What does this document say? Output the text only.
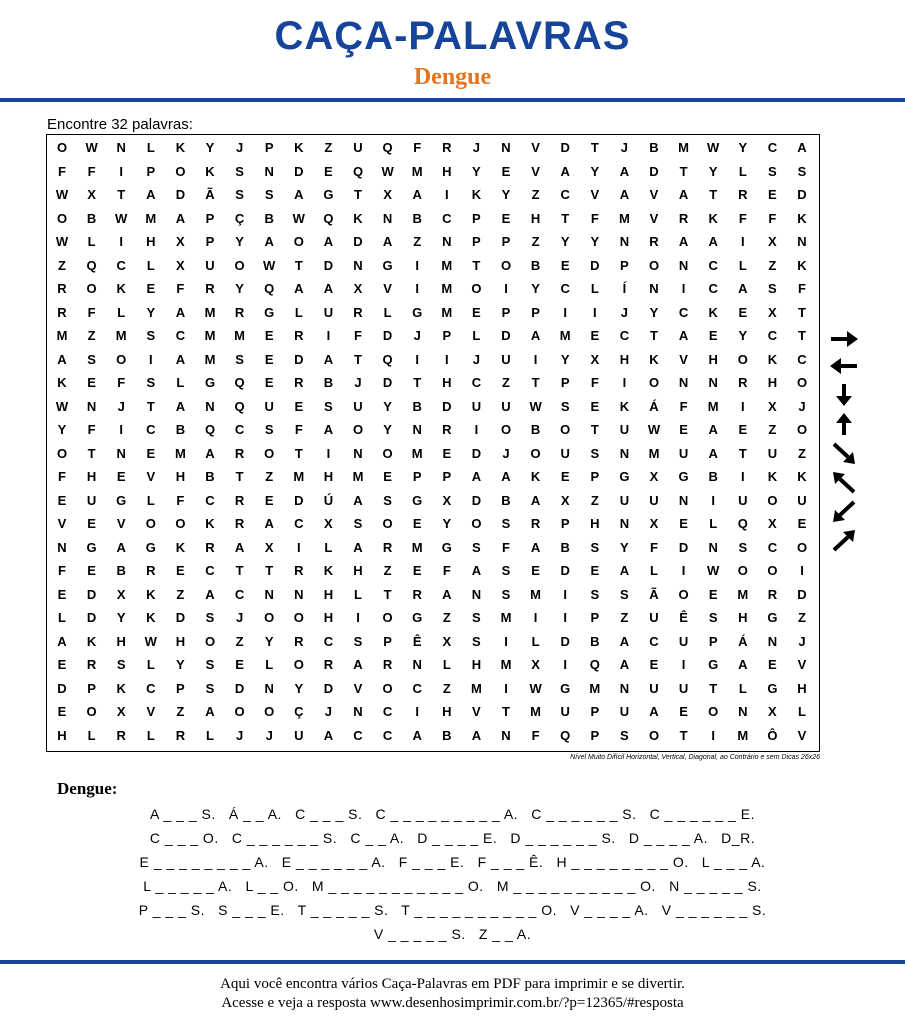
CAÇA-PALAVRAS
Dengue
Encontre 32 palavras:
O	W	N	L	K	Y	J	P	K	Z	U	Q	F	R	J	N	V	D	T	J	B	M	W	Y	C	A
F	F	I	P	O	K	S	N	D	E	Q	W	M	H	Y	E	V	A	Y	A	D	T	Y	L	S	S
W	X	T	A	D	Ã	S	S	A	G	T	X	A	I	K	Y	Z	C	V	A	V	A	T	R	E	D
O	B	W	M	A	P	Ç	B	W	Q	K	N	B	C	P	E	H	T	F	M	V	R	K	F	F	K
W	L	I	H	X	P	Y	A	O	A	D	A	Z	N	P	P	Z	Y	Y	N	R	A	A	I	X	N
Z	Q	C	L	X	U	O	W	T	D	N	G	I	M	T	O	B	E	D	P	O	N	C	L	Z	K
R	O	K	E	F	R	Y	Q	A	A	X	V	I	M	O	I	Y	C	L	Í	N	I	C	A	S	F
R	F	L	Y	A	M	R	G	L	U	R	L	G	M	E	P	P	I	I	J	Y	C	K	E	X	T
M	Z	M	S	C	M	M	E	R	I	F	D	J	P	L	D	A	M	E	C	T	A	E	Y	C	T
A	S	O	I	A	M	S	E	D	A	T	Q	I	I	J	U	I	Y	X	H	K	V	H	O	K	C
K	E	F	S	L	G	Q	E	R	B	J	D	T	H	C	Z	T	P	F	I	O	N	N	R	H	O
W	N	J	T	A	N	Q	U	E	S	U	Y	B	D	U	U	W	S	E	K	Á	F	M	I	X	J
Y	F	I	C	B	Q	C	S	F	A	O	Y	N	R	I	O	B	O	T	U	W	E	A	E	Z	O
O	T	N	E	M	A	R	O	T	I	N	O	M	E	D	J	O	U	S	N	M	U	A	T	U	Z
F	H	E	V	H	B	T	Z	M	H	M	E	P	P	A	A	K	E	P	G	X	G	B	I	K	K
E	U	G	L	F	C	R	E	D	Ú	A	S	G	X	D	B	A	X	Z	U	U	N	I	U	O	U
V	E	V	O	O	K	R	A	C	X	S	O	E	Y	O	S	R	P	H	N	X	E	L	Q	X	E
N	G	A	G	K	R	A	X	I	L	A	R	M	G	S	F	A	B	S	Y	F	D	N	S	C	O
F	E	B	R	E	C	T	T	R	K	H	Z	E	F	A	S	E	D	E	A	L	I	W	O	O	I
E	D	X	K	Z	A	C	N	N	H	L	T	R	A	N	S	M	I	S	S	Ã	O	E	M	R	D
L	D	Y	K	D	S	J	O	O	H	I	O	G	Z	S	M	I	I	P	Z	U	Ê	S	H	G	Z
A	K	H	W	H	O	Z	Y	R	C	S	P	Ê	X	S	I	L	D	B	A	C	U	P	Á	N	J
E	R	S	L	Y	S	E	L	O	R	A	R	N	L	H	M	X	I	Q	A	E	I	G	A	E	V
D	P	K	C	P	S	D	N	Y	D	V	O	C	Z	M	I	W	G	M	N	U	U	T	L	G	H
E	O	X	V	Z	A	O	O	Ç	J	N	C	I	H	V	T	M	U	P	U	A	E	O	N	X	L
H	L	R	L	R	L	J	J	U	A	C	C	A	B	A	N	F	Q	P	S	O	T	I	M	Ô	V
Nível Muito Difícil Horizontal, Vertical, Diagonal, ao Contrário e sem Dicas 26x26
Dengue:
A _ _ _ S.   Á _ _ A.   C _ _ _ S.   C _ _ _ _ _ _ _ _ _ A.   C _ _ _ _ _ _ S.   C _ _ _ _ _ _ E.
C _ _ _ O.   C _ _ _ _ _ _ S.   C _ _ A.   D _ _ _ _ E.   D _ _ _ _ _ _ S.   D _ _ _ _ A.   D_R.
E _ _ _ _ _ _ _ _ A.   E _ _ _ _ _ _ A.   F _ _ _ E.   F _ _ _ Ê.   H _ _ _ _ _ _ _ _ O.   L _ _ _ A.
L _ _ _ _ _ A.   L _ _ O.   M _ _ _ _ _ _ _ _ _ _ _ O.   M _ _ _ _ _ _ _ _ _ _ O.   N _ _ _ _ _ S.
P _ _ _ S.   S _ _ _ E.   T _ _ _ _ _ S.   T _ _ _ _ _ _ _ _ _ _ O.   V _ _ _ _ A.   V _ _ _ _ _ _ S.
V _ _ _ _ _ S.   Z _ _ A.
Aqui você encontra vários Caça-Palavras em PDF para imprimir e se divertir.
Acesse e veja a resposta www.desenhosimprimir.com.br/?p=12365/#resposta
